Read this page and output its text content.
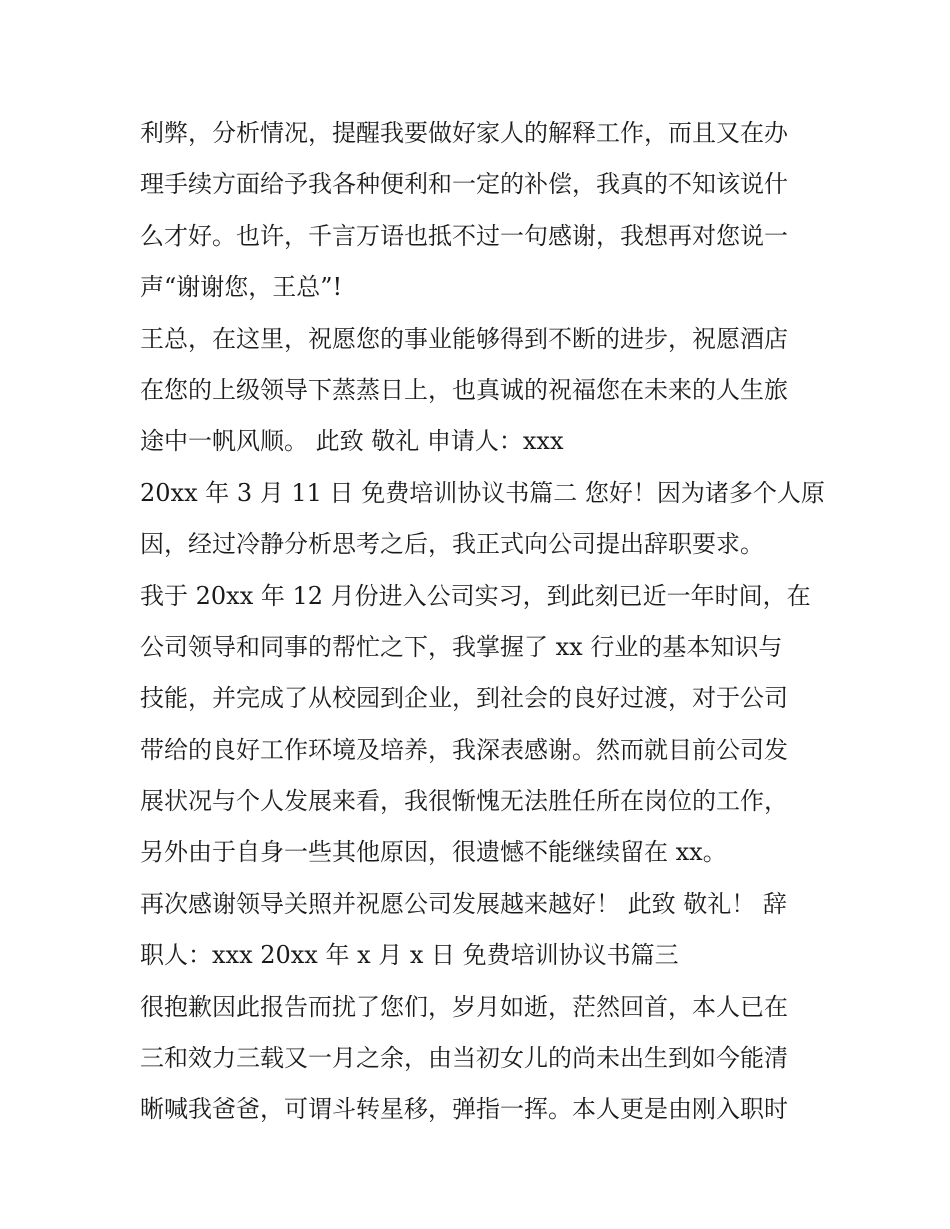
利弊，分析情况，提醒我要做好家人的解释工作，而且又在办
理手续方面给予我各种便利和一定的补偿，我真的不知该说什
么才好。也许，千言万语也抵不过一句感谢，我想再对您说一
声“谢谢您，王总”!
王总，在这里，祝愿您的事业能够得到不断的进步，祝愿酒店
在您的上级领导下蒸蒸日上，也真诚的祝福您在未来的人生旅
途中一帆风顺。 此致 敬礼 申请人：xxx
20xx 年 3 月 11 日 免费培训协议书篇二 您好！因为诸多个人原
因，经过冷静分析思考之后，我正式向公司提出辞职要求。
我于 20xx 年 12 月份进入公司实习，到此刻已近一年时间，在
公司领导和同事的帮忙之下，我掌握了 xx 行业的基本知识与
技能，并完成了从校园到企业，到社会的良好过渡，对于公司
带给的良好工作环境及培养，我深表感谢。然而就目前公司发
展状况与个人发展来看，我很惭愧无法胜任所在岗位的工作，
另外由于自身一些其他原因，很遗憾不能继续留在 xx。
再次感谢领导关照并祝愿公司发展越来越好！ 此致 敬礼！ 辞
职人：xxx 20xx 年 x 月 x 日 免费培训协议书篇三
很抱歉因此报告而扰了您们，岁月如逝，茫然回首，本人已在
三和效力三载又一月之余，由当初女儿的尚未出生到如今能清
晰喊我爸爸，可谓斗转星移，弹指一挥。本人更是由刚入职时
